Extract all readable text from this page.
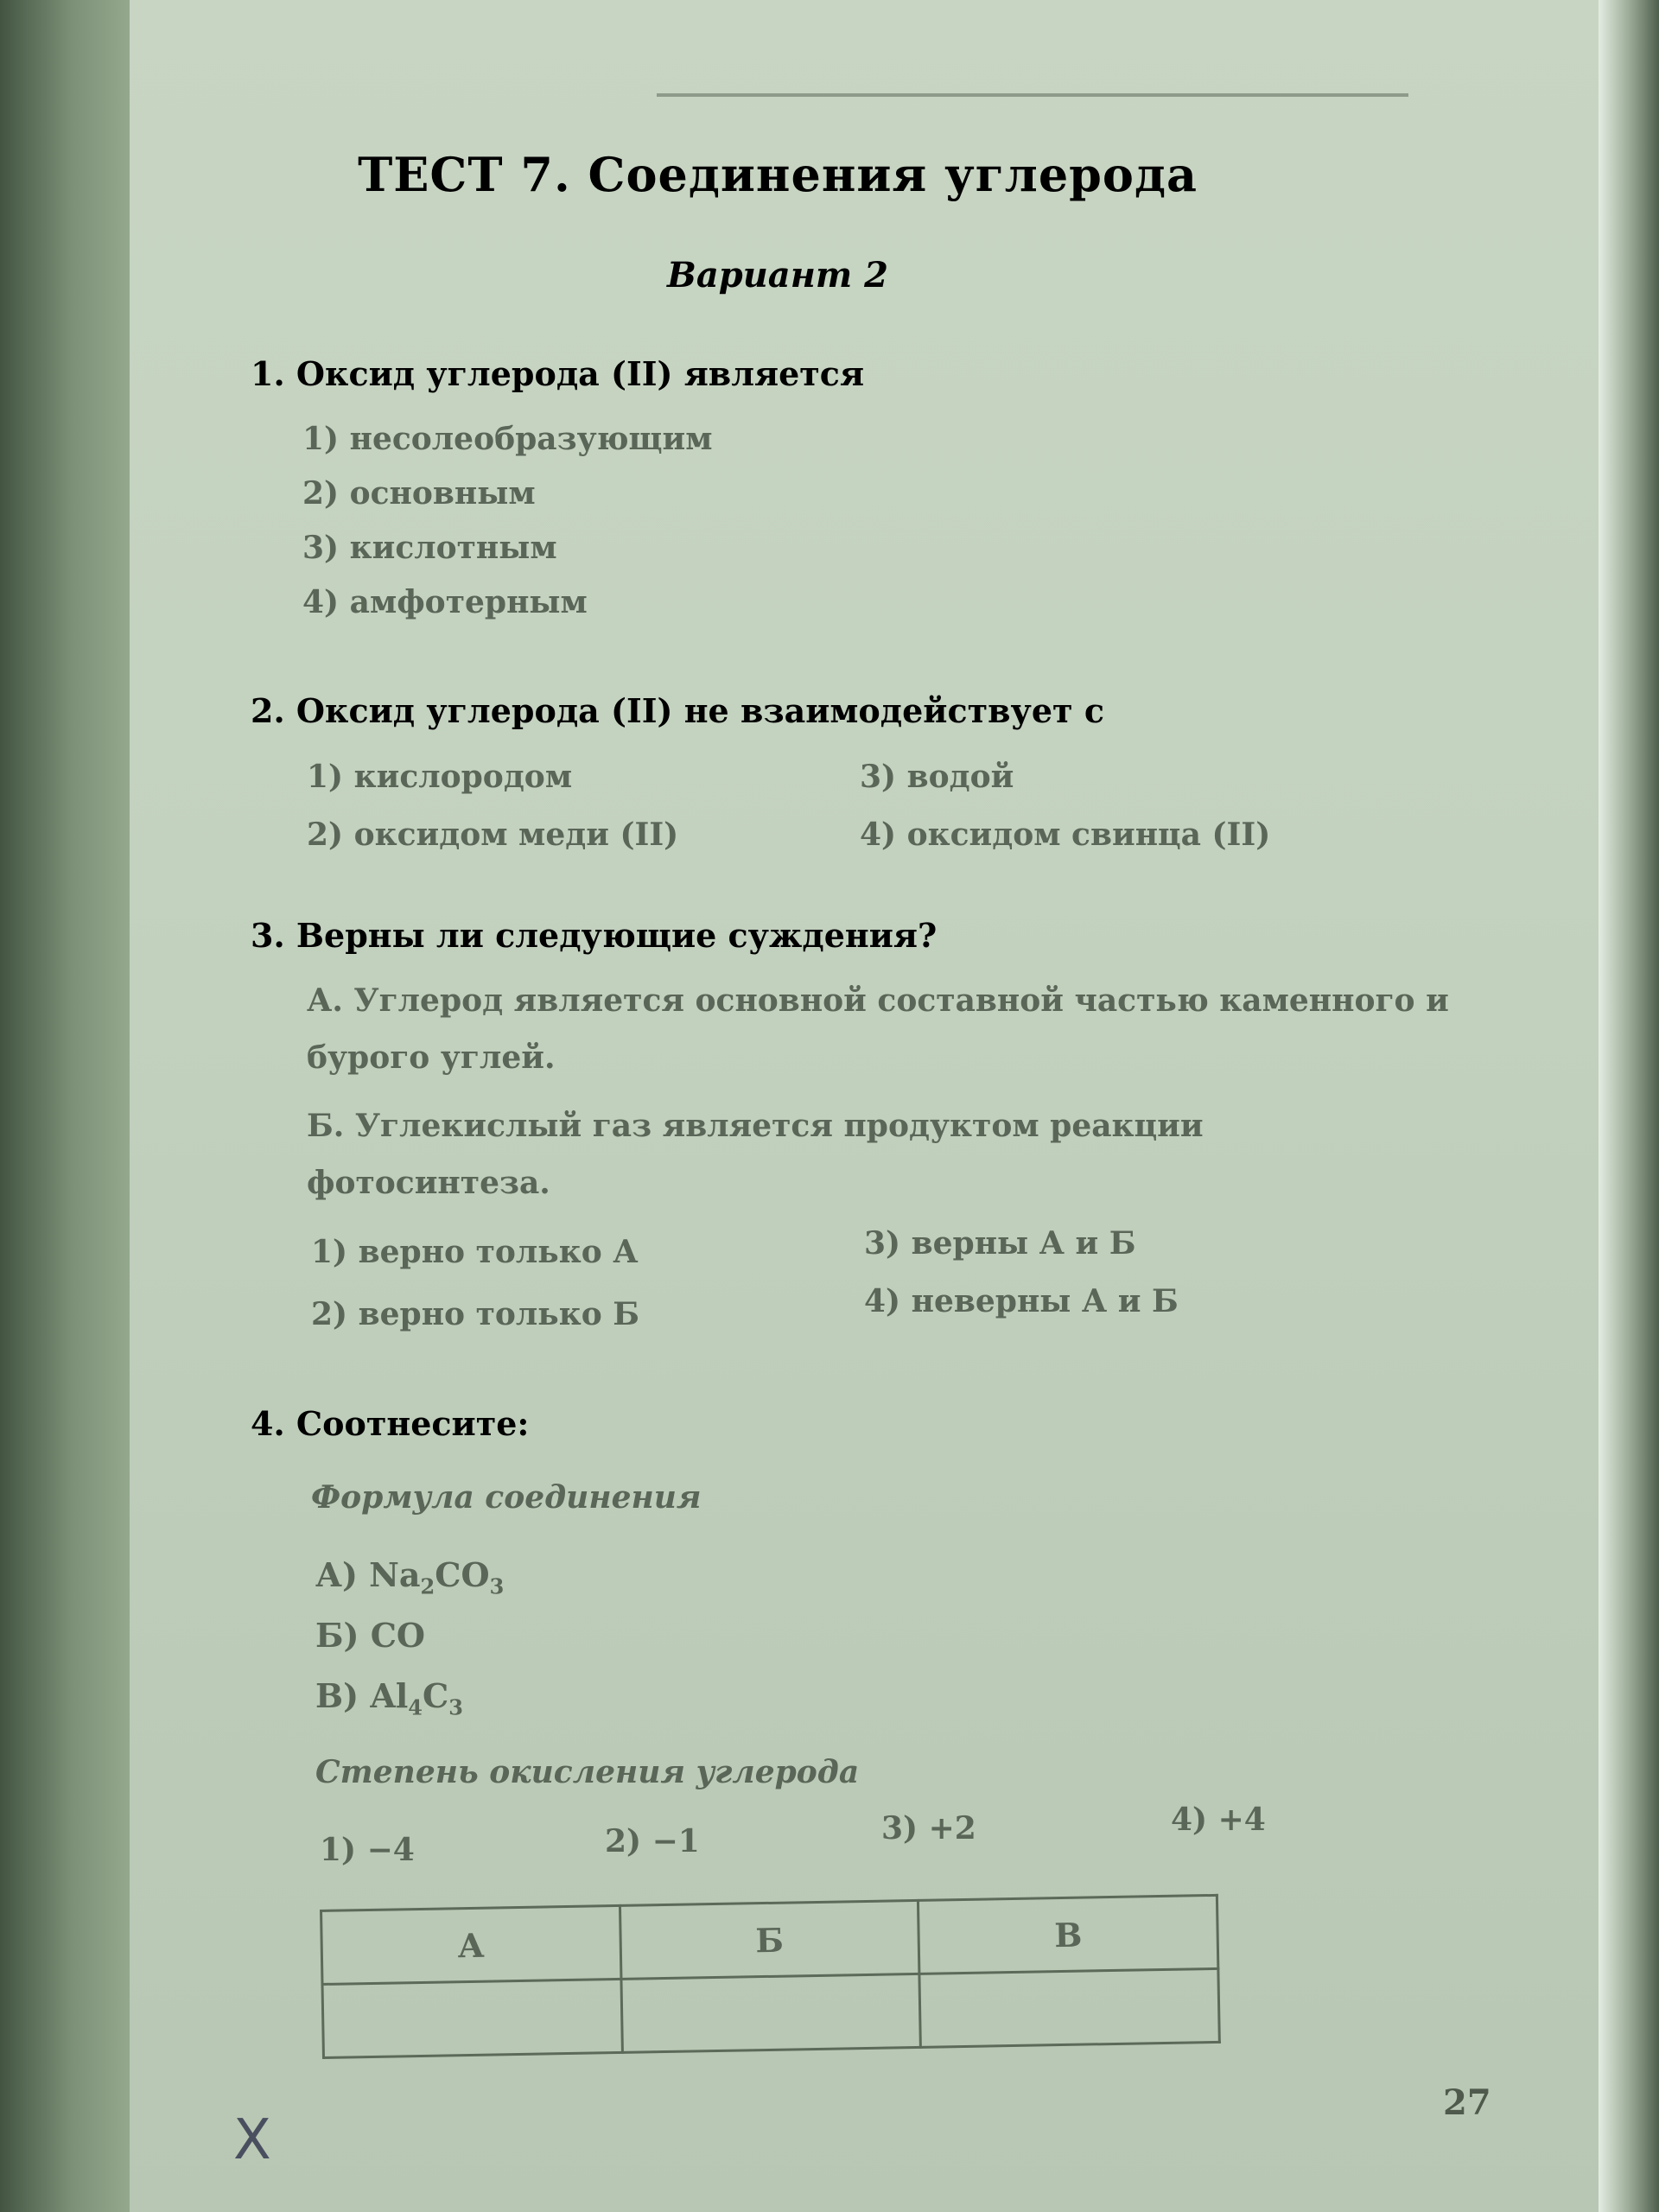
ТЕСТ 7. Соединения углерода
Вариант 2
1. Оксид углерода (II) является
1) несолеобразующим
2) основным
3) кислотным
4) амфотерным
2. Оксид углерода (II) не взаимодействует с
1) кислородом	3) водой
2) оксидом меди (II)	4) оксидом свинца (II)
3. Верны ли следующие суждения?
А. Углерод является основной составной частью каменного и бурого углей.
Б. Углекислый газ является продуктом реакции фотосинтеза.
1) верно только А	3) верны А и Б
2) верно только Б	4) неверны А и Б
4. Соотнесите:
Формула соединения
А) $Na_2CO_3$
Б) CO
В) $Al_4C_3$
Степень окисления углерода
1) −4	2) −1	3) +2	4) +4
А	Б	В

27
X
